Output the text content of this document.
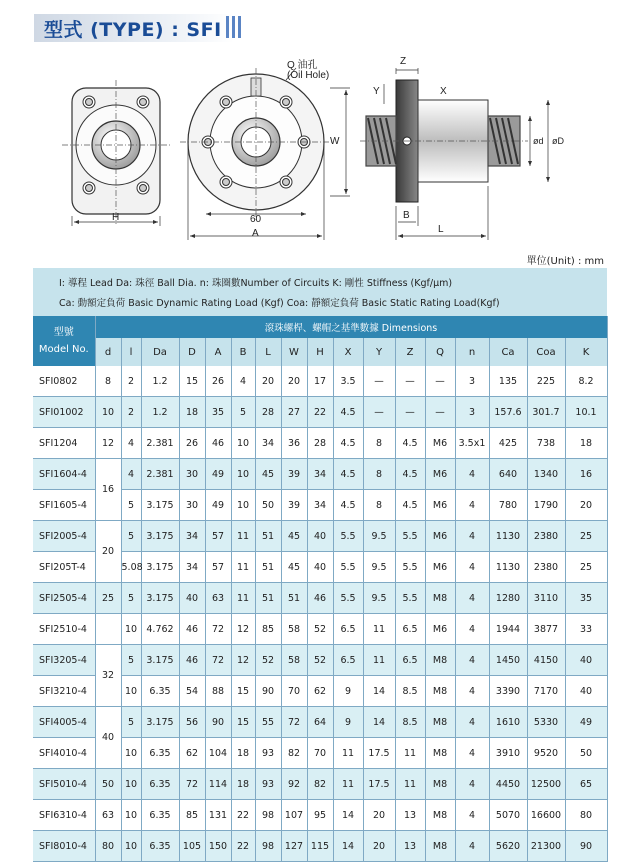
型式 (TYPE) : SFI
Q 油孔
(Oil Hole)
H	60
A
W
Z
Y	X
B
L
ød øD
單位(Unit) : mm
I: 導程 Lead Da: 珠徑 Ball Dia. n: 珠圈數Number of Circuits K: 剛性 Stiffness (Kgf/μm)																	
Ca: 動額定負荷 Basic Dynamic Rating Load (Kgf) Coa: 靜額定負荷 Basic Static Rating Load(Kgf)																	
型號
Model No.	滾珠螺桿、螺帽之基準數據 Dimensions																
	d	l	Da	D	A	B	L	W	H	X	Y	Z	Q	n	Ca	Coa	K
SFI0802	8	2	1.2	15	26	4	20	20	17	3.5	—	—	—	3	135	225	8.2
SFI01002	10	2	1.2	18	35	5	28	27	22	4.5	—	—	—	3	157.6	301.7	10.1
SFI1204	12	4	2.381	26	46	10	34	36	28	4.5	8	4.5	M6	3.5x1	425	738	18
SFI1604-4	16	4	2.381	30	49	10	45	39	34	4.5	8	4.5	M6	4	640	1340	16
SFI1605-4		5	3.175	30	49	10	50	39	34	4.5	8	4.5	M6	4	780	1790	20
SFI2005-4	20	5	3.175	34	57	11	51	45	40	5.5	9.5	5.5	M6	4	1130	2380	25
SFI205T-4		5.08	3.175	34	57	11	51	45	40	5.5	9.5	5.5	M6	4	1130	2380	25
SFI2505-4	25	5	3.175	40	63	11	51	51	46	5.5	9.5	5.5	M8	4	1280	3110	35
SFI2510-4		10	4.762	46	72	12	85	58	52	6.5	11	6.5	M6	4	1944	3877	33
SFI3205-4	32	5	3.175	46	72	12	52	58	52	6.5	11	6.5	M8	4	1450	4150	40
SFI3210-4		10	6.35	54	88	15	90	70	62	9	14	8.5	M8	4	3390	7170	40
SFI4005-4	40	5	3.175	56	90	15	55	72	64	9	14	8.5	M8	4	1610	5330	49
SFI4010-4		10	6.35	62	104	18	93	82	70	11	17.5	11	M8	4	3910	9520	50
SFI5010-4	50	10	6.35	72	114	18	93	92	82	11	17.5	11	M8	4	4450	12500	65
SFI6310-4	63	10	6.35	85	131	22	98	107	95	14	20	13	M8	4	5070	16600	80
SFI8010-4	80	10	6.35	105	150	22	98	127	115	14	20	13	M8	4	5620	21300	90
